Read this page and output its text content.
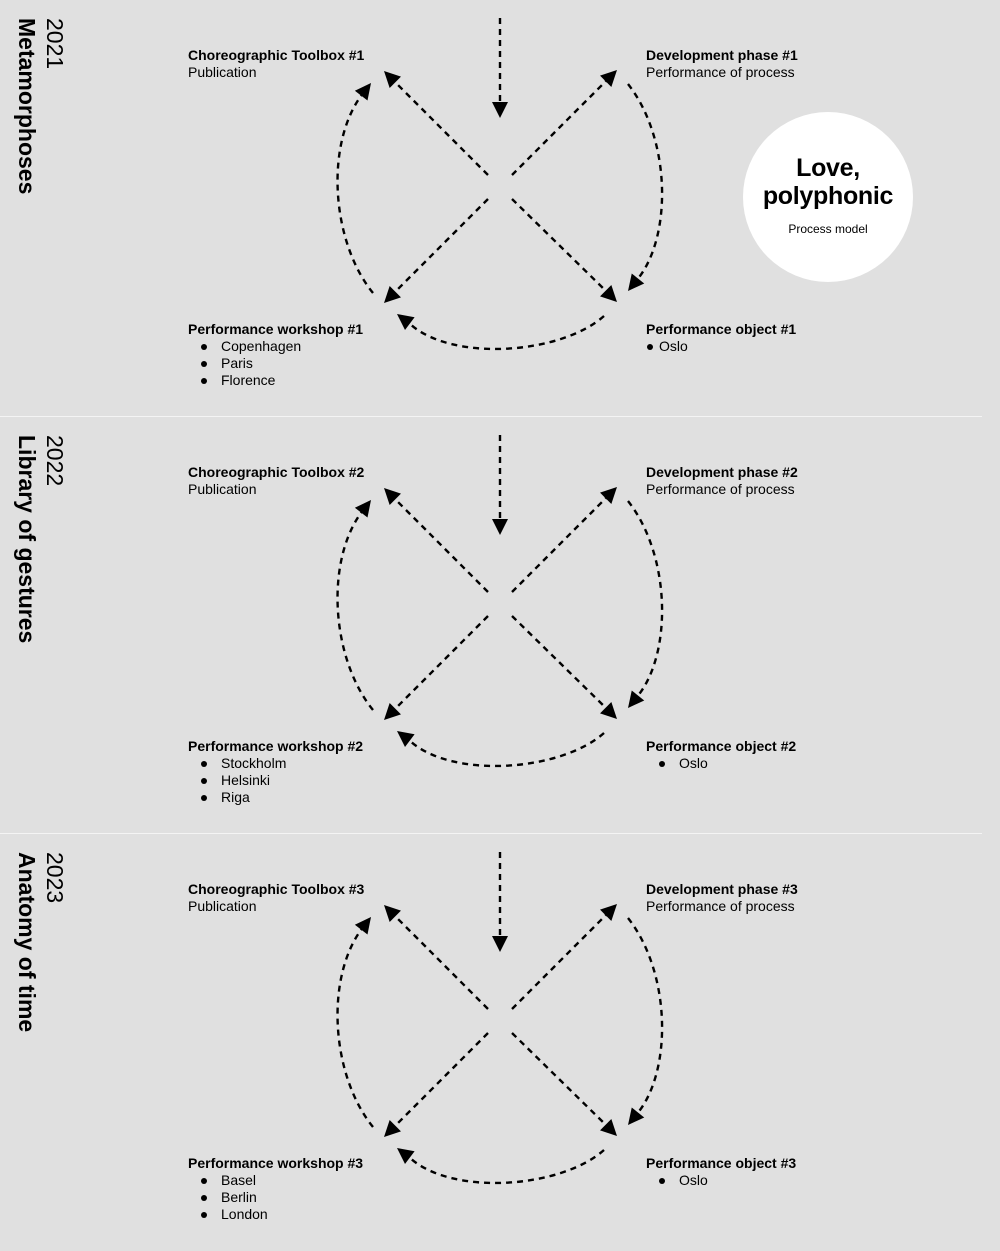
2021
Metamorphoses	Choreographic Toolbox #1
Publication
Development phase #1
Performance of process
Performance workshop #1
Copenhagen
Paris
Florence
Performance object #1
Oslo
Love,
polyphonic
Process model
2022
Library of gestures	Choreographic Toolbox #2
Publication
Development phase #2
Performance of process
Performance workshop #2
Stockholm
Helsinki
Riga
Performance object #2
Oslo
2023
Anatomy of time	Choreographic Toolbox #3
Publication
Development phase #3
Performance of process
Performance workshop #3
Basel
Berlin
London
Performance object #3
Oslo
